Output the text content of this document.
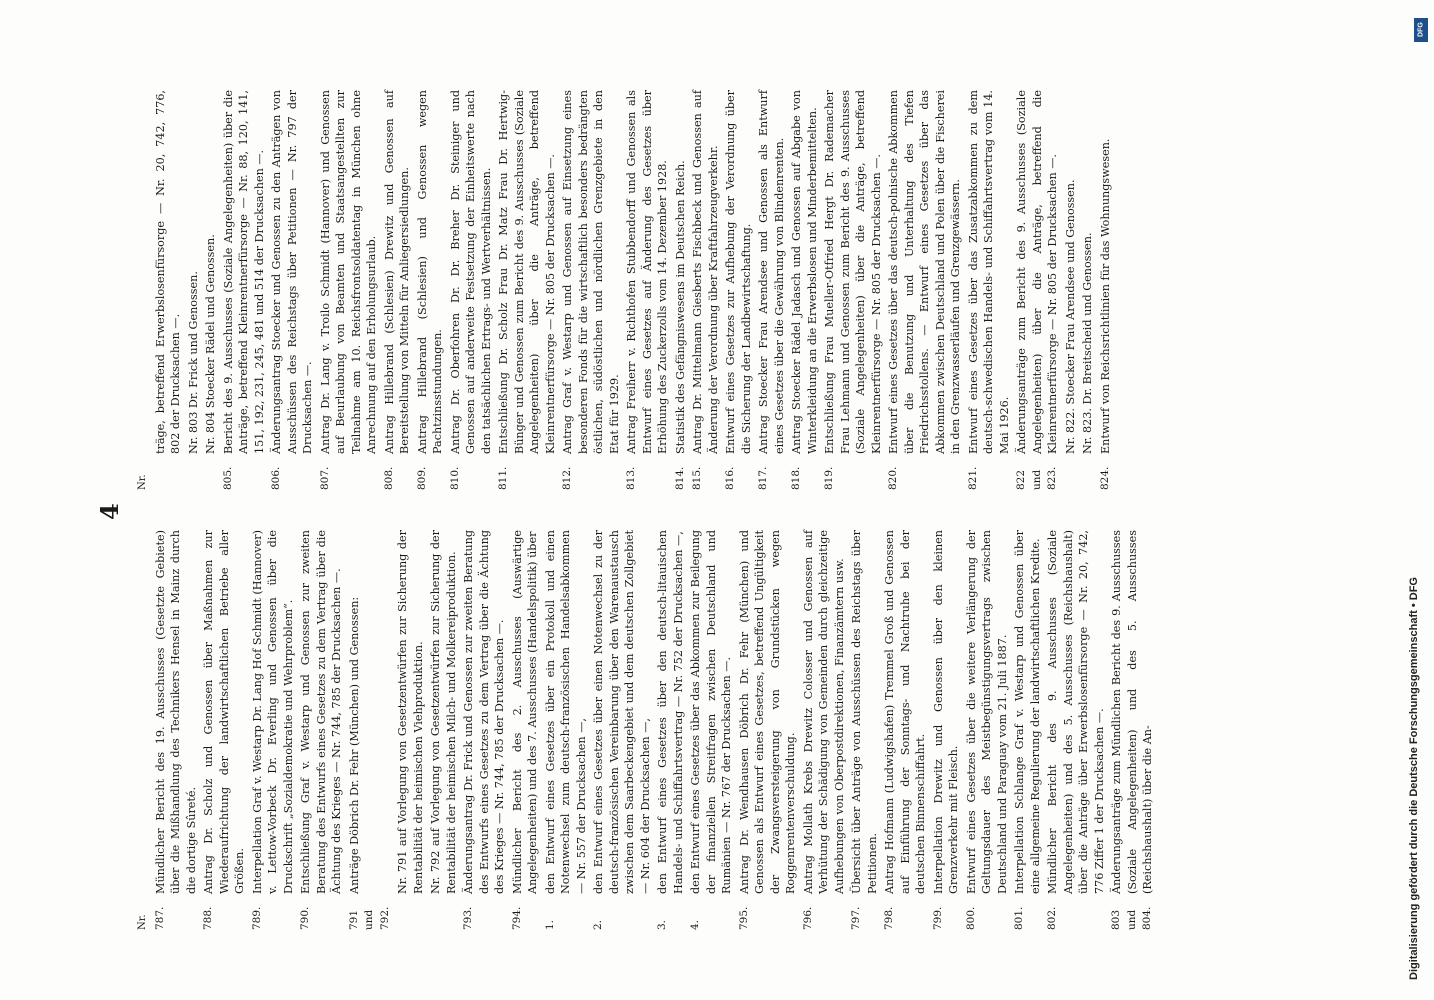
4
Nr. 787.
Mündlicher Bericht des 19. Ausschusses (Gesetzte Gebiete) über die Mißhandlung des Technikers Hensel in Mainz durch die dortige Sûreté.
788.
Antrag Dr. Scholz und Genossen über Maßnahmen zur Wiederaufrichtung der landwirtschaftlichen Betriebe aller Größen.
789.
Interpellation Graf v. Westarp Dr. Lang Hof Schmidt (Hannover) v. Lettow-Vorbeck Dr. Everling und Genossen über die Druckschrift „Sozialdemokratie und Wehrproblem“.
790.
Entschließung Graf v. Westarp und Genossen zur zweiten Beratung des Entwurfs eines Gesetzes zu dem Vertrag über die Ächtung des Krieges — Nr. 744, 785 der Drucksachen —.
791 und 792.
Anträge Döbrich Dr. Fehr (München) und Genossen:	Nr. 791 auf Vorlegung von Gesetzentwürfen zur Sicherung der Rentabilität der heimischen Viehproduktion. Nr. 792 auf Vorlegung von Gesetzentwürfen zur Sicherung der Rentabilität der heimischen Milch- und Molkereiproduktion.
793.
Änderungsantrag Dr. Frick und Genossen zur zweiten Beratung des Entwurfs eines Gesetzes zu dem Vertrag über die Ächtung des Krieges — Nr. 744, 785 der Drucksachen —.
794.
Mündlicher Bericht des 2. Ausschusses (Auswärtige Angelegenheiten) und des 7. Ausschusses (Handelspolitik) über
1.
den Entwurf eines Gesetzes über ein Protokoll und einen Notenwechsel zum deutsch-französischen Handelsabkommen — Nr. 557 der Drucksachen —,
2.
den Entwurf eines Gesetzes über einen Notenwechsel zu der deutsch-französischen Vereinbarung über den Warenaustausch zwischen dem Saarbeckengebiet und dem deutschen Zollgebiet — Nr. 604 der Drucksachen —,
3.
den Entwurf eines Gesetzes über den deutsch-litauischen Handels- und Schiffahrtsvertrag — Nr. 752 der Drucksachen —,
4.
den Entwurf eines Gesetzes über das Abkommen zur Beilegung der finanziellen Streitfragen zwischen Deutschland und Rumänien — Nr. 767 der Drucksachen —.
795.
Antrag Dr. Wendhausen Döbrich Dr. Fehr (München) und Genossen als Entwurf eines Gesetzes, betreffend Ungültigkeit der Zwangsversteigerung von Grundstücken wegen Roggenrentenverschuldung.
796.
Antrag Mollath Krebs Drewitz Colosser und Genossen auf Verhütung der Schädigung von Gemeinden durch gleichzeitige Aufhebungen von Oberpostdirektionen, Finanzämtern usw.
797.
Übersicht über Anträge von Ausschüssen des Reichstags über Petitionen.
798.
Antrag Hofmann (Ludwigshafen) Tremmel Groß und Genossen auf Einführung der Sonntags- und Nachtruhe bei der deutschen Binnenschiffahrt.
799.
Interpellation Drewitz und Genossen über den kleinen Grenzverkehr mit Fleisch.
800.
Entwurf eines Gesetzes über die weitere Verlängerung der Geltungsdauer des Meistbegünstigungsvertrags zwischen Deutschland und Paraguay vom 21. Juli 1887.
801.
Interpellation Schlange Graf v. Westarp und Genossen über eine allgemeine Regulierung der landwirtschaftlichen Kredite.
802.
Mündlicher Bericht des 9. Ausschusses (Soziale Angelegenheiten) und des 5. Ausschusses (Reichshaushalt) über die Anträge über Erwerbslosenfürsorge — Nr. 20, 742, 776 Ziffer 1 der Drucksachen —.
803 und 804.
Änderungsanträge zum Mündlichen Bericht des 9. Ausschusses (Soziale Angelegenheiten) und des 5. Ausschusses (Reichshaushalt) über die An-
Nr.
träge, betreffend Erwerbslosenfürsorge — Nr. 20, 742, 776, 802 der Drucksachen —. Nr. 803 Dr. Frick und Genossen. Nr. 804 Stoecker Rädel und Genossen.
805.
Bericht des 9. Ausschusses (Soziale Angelegenheiten) über die Anträge, betreffend Kleinrentnerfürsorge — Nr. 88, 120, 141, 151, 192, 231, 245, 481 und 514 der Drucksachen —.
806.
Änderungsantrag Stoecker und Genossen zu den Anträgen von Ausschüssen des Reichstags über Petitionen — Nr. 797 der Drucksachen —.
807.
Antrag Dr. Lang v. Troilo Schmidt (Hannover) und Genossen auf Beurlaubung von Beamten und Staatsangestellten zur Teilnahme am 10. Reichsfrontsoldatentag in München ohne Anrechnung auf den Erholungsurlaub.
808.
Antrag Hillebrand (Schlesien) Drewitz und Genossen auf Bereitstellung von Mitteln für Anliegersiedlungen.
809.
Antrag Hillebrand (Schlesien) und Genossen wegen Pachtzinsstundungen.
810.
Antrag Dr. Oberfohren Dr. Dr. Breher Dr. Steiniger und Genossen auf anderweite Festsetzung der Einheitswerte nach den tatsächlichen Ertrags- und Wertverhältnissen.
811.
Entschließung Dr. Scholz Frau Dr. Matz Frau Dr. Hertwig-Bünger und Genossen zum Bericht des 9. Ausschusses (Soziale Angelegenheiten) über die Anträge, betreffend Kleinrentnerfürsorge — Nr. 805 der Drucksachen —.
812.
Antrag Graf v. Westarp und Genossen auf Einsetzung eines besonderen Fonds für die wirtschaftlich besonders bedrängten östlichen, südöstlichen und nördlichen Grenzgebiete in den Etat für 1929.
813.
Antrag Freiherr v. Richthofen Stubbendorff und Genossen als Entwurf eines Gesetzes auf Änderung des Gesetzes über Erhöhung des Zuckerzolls vom 14. Dezember 1928.
814.
Statistik des Gefängniswesens im Deutschen Reich.
815.
Antrag Dr. Mittelmann Giesberts Fischbeck und Genossen auf Änderung der Verordnung über Kraftfahrzeugverkehr.
816.
Entwurf eines Gesetzes zur Aufhebung der Verordnung über die Sicherung der Landbewirtschaftung.
817.
Antrag Stoecker Frau Arendsee und Genossen als Entwurf eines Gesetzes über die Gewährung von Blindenrenten.
818.
Antrag Stoecker Rädel Jadasch und Genossen auf Abgabe von Winterkleidung an die Erwerbslosen und Minderbemittelten.
819.
Entschließung Frau Mueller-Otfried Hergt Dr. Rademacher Frau Lehmann und Genossen zum Bericht des 9. Ausschusses (Soziale Angelegenheiten) über die Anträge, betreffend Kleinrentnerfürsorge — Nr. 805 der Drucksachen —.
820.
Entwurf eines Gesetzes über das deutsch-polnische Abkommen über die Benutzung und Unterhaltung des Tiefen Friedrichsstollens. — Entwurf eines Gesetzes über das Abkommen zwischen Deutschland und Polen über die Fischerei in den Grenzwasserläufen und Grenzgewässern.
821.
Entwurf eines Gesetzes über das Zusatzabkommen zu dem deutsch-schwedischen Handels- und Schiffahrtsvertrag vom 14. Mai 1926.
822 und 823.
Änderungsanträge zum Bericht des 9. Ausschusses (Soziale Angelegenheiten) über die Anträge, betreffend die Kleinrentnerfürsorge — Nr. 805 der Drucksachen —. Nr. 822. Stoecker Frau Arendsee und Genossen. Nr. 823. Dr. Breitscheid und Genossen.
824.
Entwurf von Reichsrichtlinien für das Wohnungswesen.
DFG
Digitalisierung gefördert durch die Deutsche Forschungsgemeinschaft • DFG
